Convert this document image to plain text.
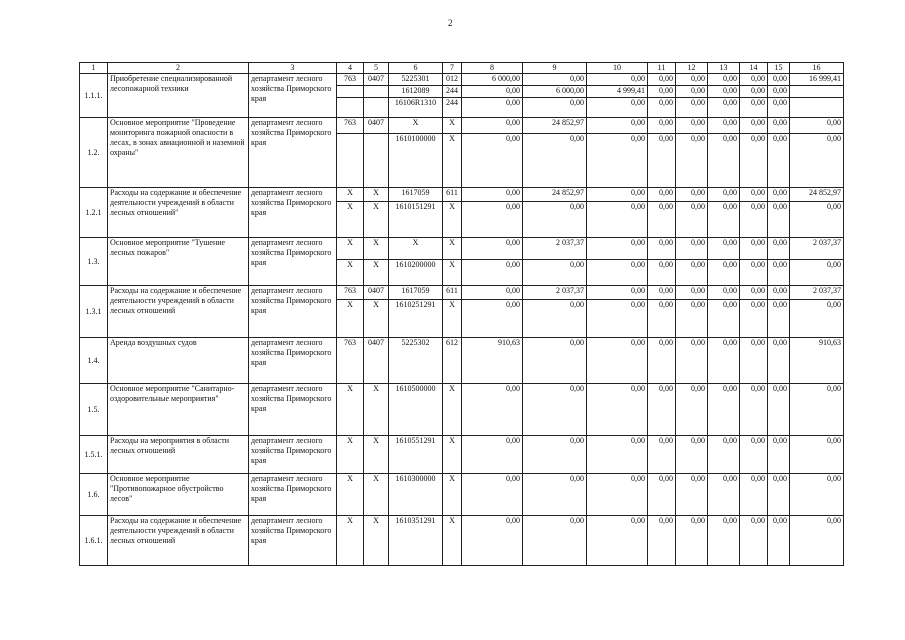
2
1	2	3	4	5	6	7	8	9	10	11	12	13	14	15	16
1.1.1.	Приобретение специализированной лесопожарной техники	департамент лесного хозяйства Приморского края	763	0407	5225301	012	6 000,00	0,00	0,00	0,00	0,00	0,00	0,00	0,00	16 999,41
					1612089	244	0,00	6 000,00	4 999,41	0,00	0,00	0,00	0,00	0,00	
					16106R1310	244	0,00	0,00	0,00	0,00	0,00	0,00	0,00	0,00	
1.2.	Основное мероприятие "Проведение мониторинга пожарной опасности в лесах, в зонах авиационной и наземной охраны"	департамент лесного хозяйства Приморского края	763	0407	X	X	0,00	24 852,97	0,00	0,00	0,00	0,00	0,00	0,00	0,00
					1610100000	X	0,00	0,00	0,00	0,00	0,00	0,00	0,00	0,00	0,00
1.2.1	Расходы на содержание и обеспечение деятельности учреждений в области лесных отношений"	департамент лесного хозяйства Приморского края	X	X	1617059	611	0,00	24 852,97	0,00	0,00	0,00	0,00	0,00	0,00	24 852,97
			X	X	1610151291	X	0,00	0,00	0,00	0,00	0,00	0,00	0,00	0,00	0,00
1.3.	Основное мероприятие "Тушение лесных пожаров"	департамент лесного хозяйства Приморского края	X	X	X	X	0,00	2 037,37	0,00	0,00	0,00	0,00	0,00	0,00	2 037,37
			X	X	1610200000	X	0,00	0,00	0,00	0,00	0,00	0,00	0,00	0,00	0,00
1.3.1	Расходы на содержание и обеспечение деятельности учреждений в области лесных отношений	департамент лесного хозяйства Приморского края	763	0407	1617059	611	0,00	2 037,37	0,00	0,00	0,00	0,00	0,00	0,00	2 037,37
			X	X	1610251291	X	0,00	0,00	0,00	0,00	0,00	0,00	0,00	0,00	0,00
1.4.	Аренда воздушных судов	департамент лесного хозяйства Приморского края	763	0407	5225302	612	910,63	0,00	0,00	0,00	0,00	0,00	0,00	0,00	910,63
1.5.	Основное мероприятие "Санитарно-оздоровительные мероприятия"	департамент лесного хозяйства Приморского края	X	X	1610500000	X	0,00	0,00	0,00	0,00	0,00	0,00	0,00	0,00	0,00
1.5.1.	Расходы на мероприятия в области лесных отношений	департамент лесного хозяйства Приморского края	X	X	1610551291	X	0,00	0,00	0,00	0,00	0,00	0,00	0,00	0,00	0,00
1.6.	Основное мероприятие "Противопожарное обустройство лесов"	департамент лесного хозяйства Приморского края	X	X	1610300000	X	0,00	0,00	0,00	0,00	0,00	0,00	0,00	0,00	0,00
1.6.1.	Расходы на содержание и обеспечение деятельности учреждений в области лесных отношений	департамент лесного хозяйства Приморского края	X	X	1610351291	X	0,00	0,00	0,00	0,00	0,00	0,00	0,00	0,00	0,00
